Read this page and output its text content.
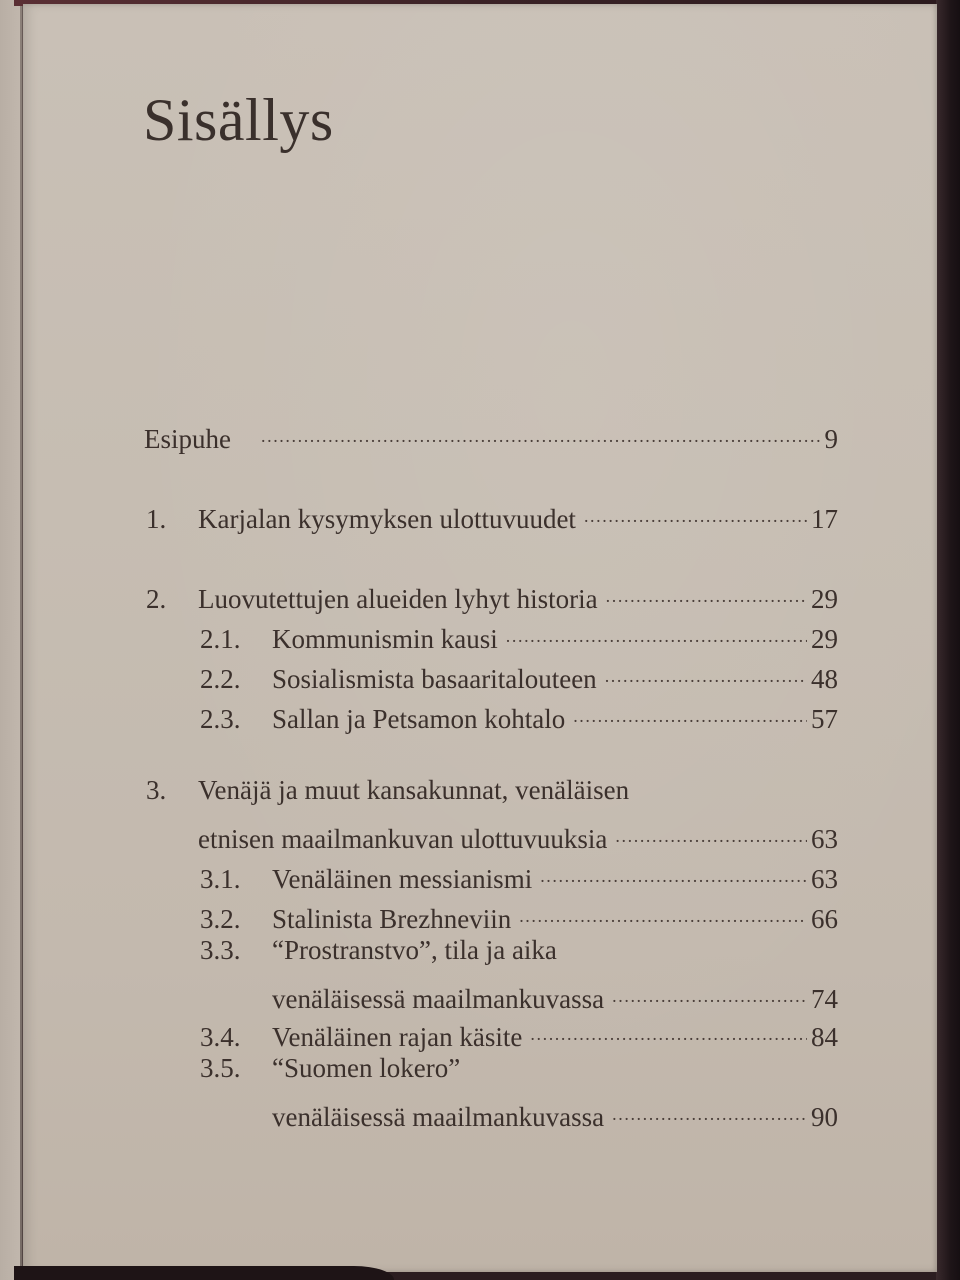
Sisällys
Esipuhe .....	9
1.	Karjalan kysymyksen ulottuvuudet .....	17
2.	Luovutettujen alueiden lyhyt historia .....	29
2.1.	Kommunismin kausi .....	29
2.2.	Sosialismista basaaritalouteen .....	48
2.3.	Sallan ja Petsamon kohtalo .....	57
3.	Venäjä ja muut kansakunnat, venäläisen
etnisen maailmankuvan ulottuvuuksia .....	63
3.1.	Venäläinen messianismi .....	63
3.2.	Stalinista Brezhneviin .....	66
3.3.	“Prostranstvo”, tila ja aika
venäläisessä maailmankuvassa .....	74
3.4.	Venäläinen rajan käsite .....	84
3.5.	“Suomen lokero”
venäläisessä maailmankuvassa .....	90
